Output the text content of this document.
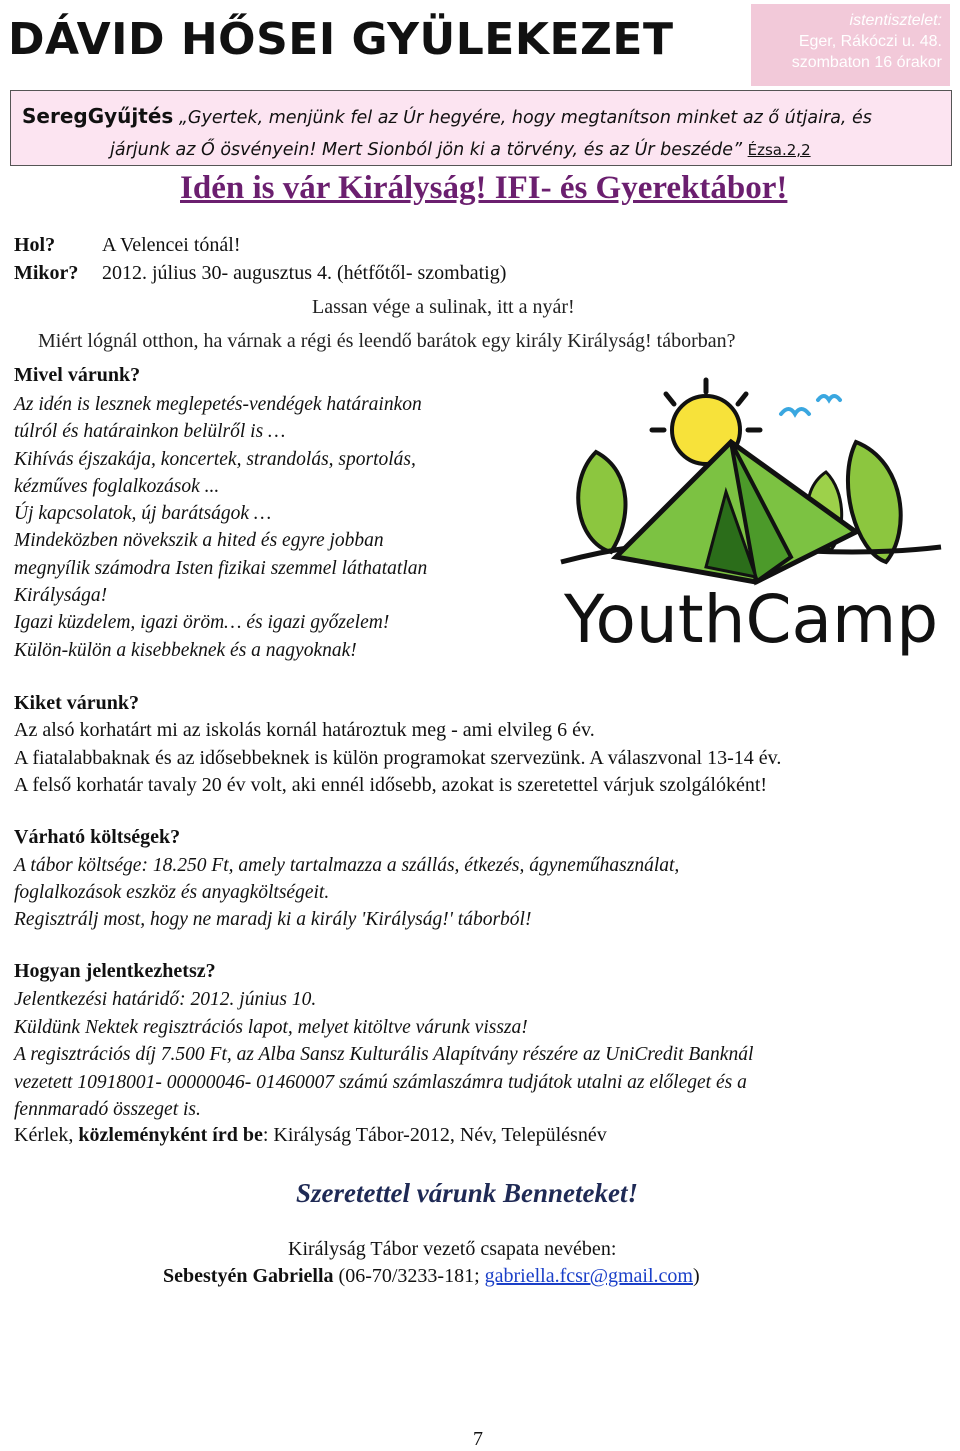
DÁVID HŐSEI GYÜLEKEZET	istentisztelet:
Eger, Rákóczi u. 48.
szombaton 16 órakor
SeregGyűjtés „Gyertek, menjünk fel az Úr hegyére, hogy megtanítson minket az ő útjaira, és
járjunk az Ő ösvényein! Mert Sionból jön ki a törvény, és az Úr beszéde” Ézsa.2,2
Idén is vár Királyság! IFI- és Gyerektábor!
Hol? A Velencei tónál!
Mikor? 2012. július 30- augusztus 4. (hétfőtől- szombatig)
Lassan vége a sulinak, itt a nyár!
Miért lógnál otthon, ha várnak a régi és leendő barátok egy király Királyság! táborban?
Mivel várunk?
Az idén is lesznek meglepetés-vendégek határainkon
túlról és határainkon belülről is …
Kihívás éjszakája, koncertek, strandolás, sportolás,
kézműves foglalkozások ...
Új kapcsolatok, új barátságok …
Mindeközben növekszik a hited és egyre jobban
megnyílik számodra Isten fizikai szemmel láthatatlan
Királysága!
Igazi küzdelem, igazi öröm… és igazi győzelem!
Külön-külön a kisebbeknek és a nagyoknak!	YouthCamp
Kiket várunk?
Az alsó korhatárt mi az iskolás kornál határoztuk meg - ami elvileg 6 év.
A fiatalabbaknak és az idősebbeknek is külön programokat szervezünk. A válaszvonal 13-14 év.
A felső korhatár tavaly 20 év volt, aki ennél idősebb, azokat is szeretettel várjuk szolgálóként!
Várható költségek?
A tábor költsége: 18.250 Ft, amely tartalmazza a szállás, étkezés, ágyneműhasználat,
foglalkozások eszköz és anyagköltségeit.
Regisztrálj most, hogy ne maradj ki a király 'Királyság!' táborból!
Hogyan jelentkezhetsz?
Jelentkezési határidő: 2012. június 10.
Küldünk Nektek regisztrációs lapot, melyet kitöltve várunk vissza!
A regisztrációs díj 7.500 Ft, az Alba Sansz Kulturális Alapítvány részére az UniCredit Banknál
vezetett 10918001- 00000046- 01460007 számú számlaszámra tudjátok utalni az előleget és a
fennmaradó összeget is.
Kérlek, közleményként írd be: Királyság Tábor-2012, Név, Településnév
Szeretettel várunk Benneteket!
Királyság Tábor vezető csapata nevében:
Sebestyén Gabriella (06-70/3233-181; gabriella.fcsr@gmail.com)
7
